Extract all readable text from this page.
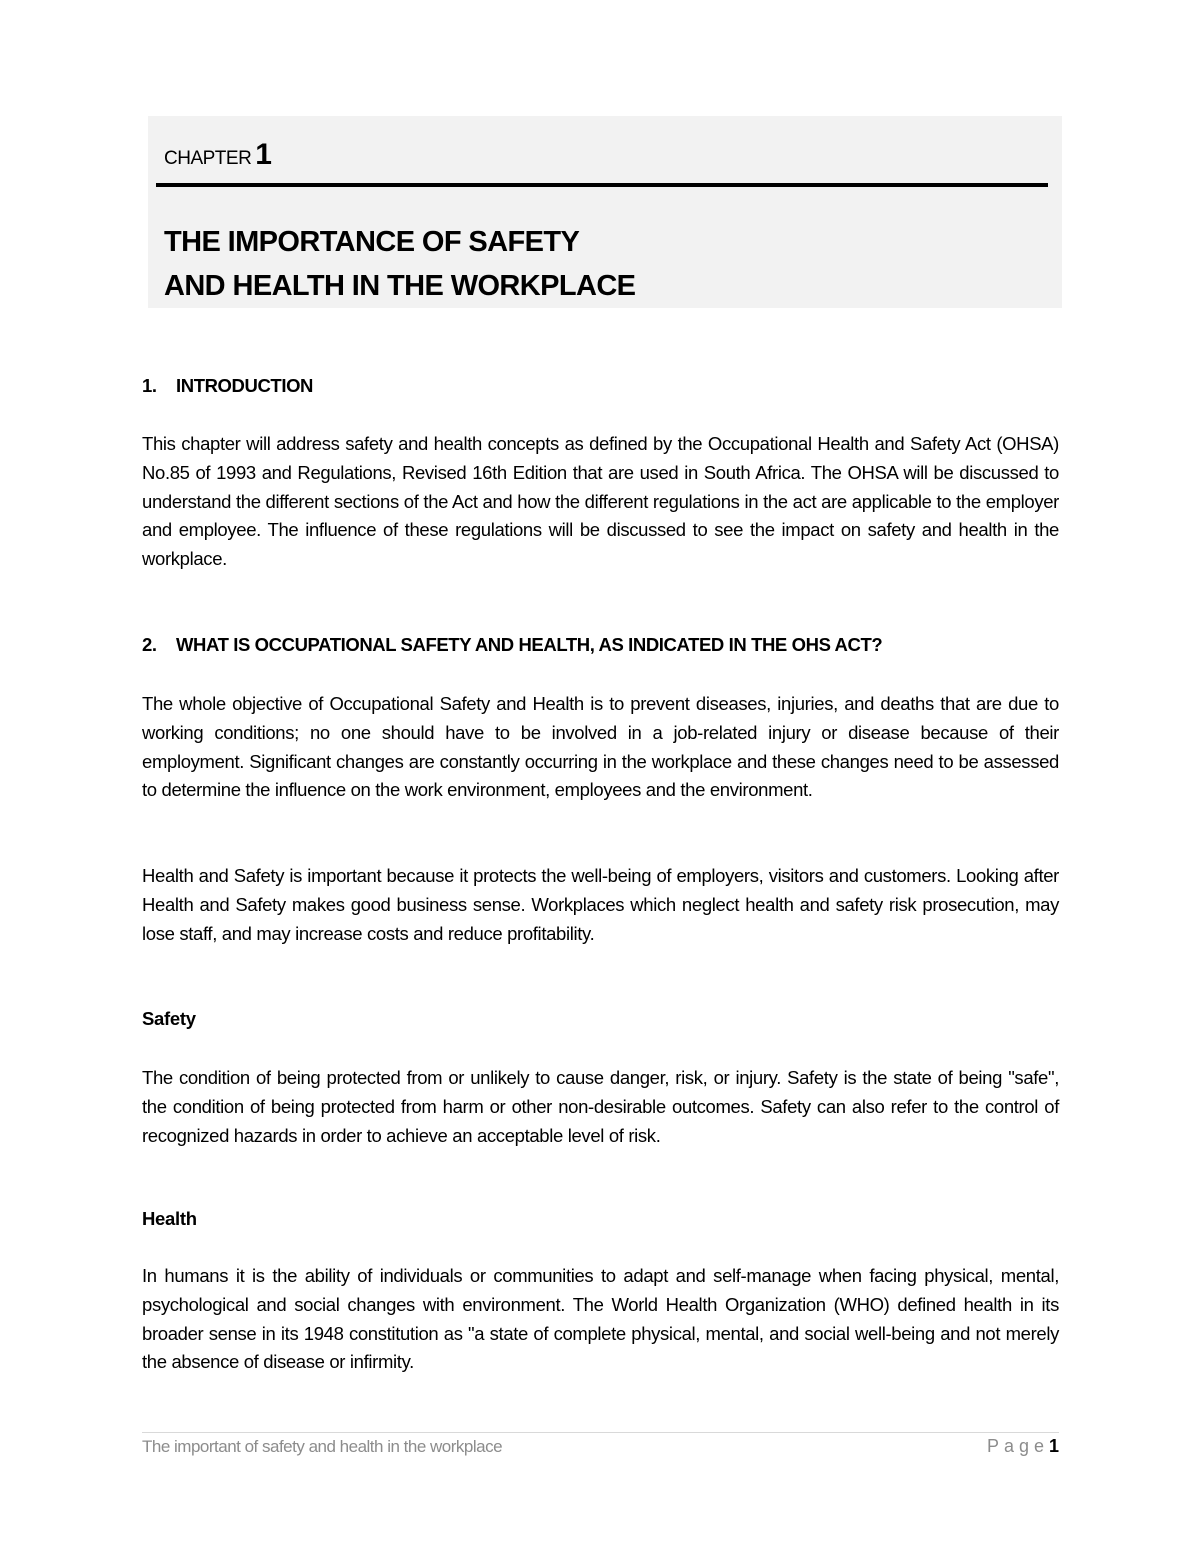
CHAPTER 1
THE IMPORTANCE OF SAFETY
AND HEALTH IN THE WORKPLACE
1. INTRODUCTION
This chapter will address safety and health concepts as defined by the Occupational Health and Safety Act (OHSA) No.85 of 1993 and Regulations, Revised 16th Edition that are used in South Africa. The OHSA will be discussed to understand the different sections of the Act and how the different regulations in the act are applicable to the employer and employee. The influence of these regulations will be discussed to see the impact on safety and health in the workplace.
2. WHAT IS OCCUPATIONAL SAFETY AND HEALTH, AS INDICATED IN THE OHS ACT?
The whole objective of Occupational Safety and Health is to prevent diseases, injuries, and deaths that are due to working conditions; no one should have to be involved in a job-related injury or disease because of their employment. Significant changes are constantly occurring in the workplace and these changes need to be assessed to determine the influence on the work environment, employees and the environment.
Health and Safety is important because it protects the well-being of employers, visitors and customers. Looking after Health and Safety makes good business sense. Workplaces which neglect health and safety risk prosecution, may lose staff, and may increase costs and reduce profitability.
Safety
The condition of being protected from or unlikely to cause danger, risk, or injury. Safety is the state of being "safe", the condition of being protected from harm or other non-desirable outcomes. Safety can also refer to the control of recognized hazards in order to achieve an acceptable level of risk.
Health
In humans it is the ability of individuals or communities to adapt and self-manage when facing physical, mental, psychological and social changes with environment. The World Health Organization (WHO) defined health in its broader sense in its 1948 constitution as "a state of complete physical, mental, and social well-being and not merely the absence of disease or infirmity.
The important of safety and health in the workplace	Page1
